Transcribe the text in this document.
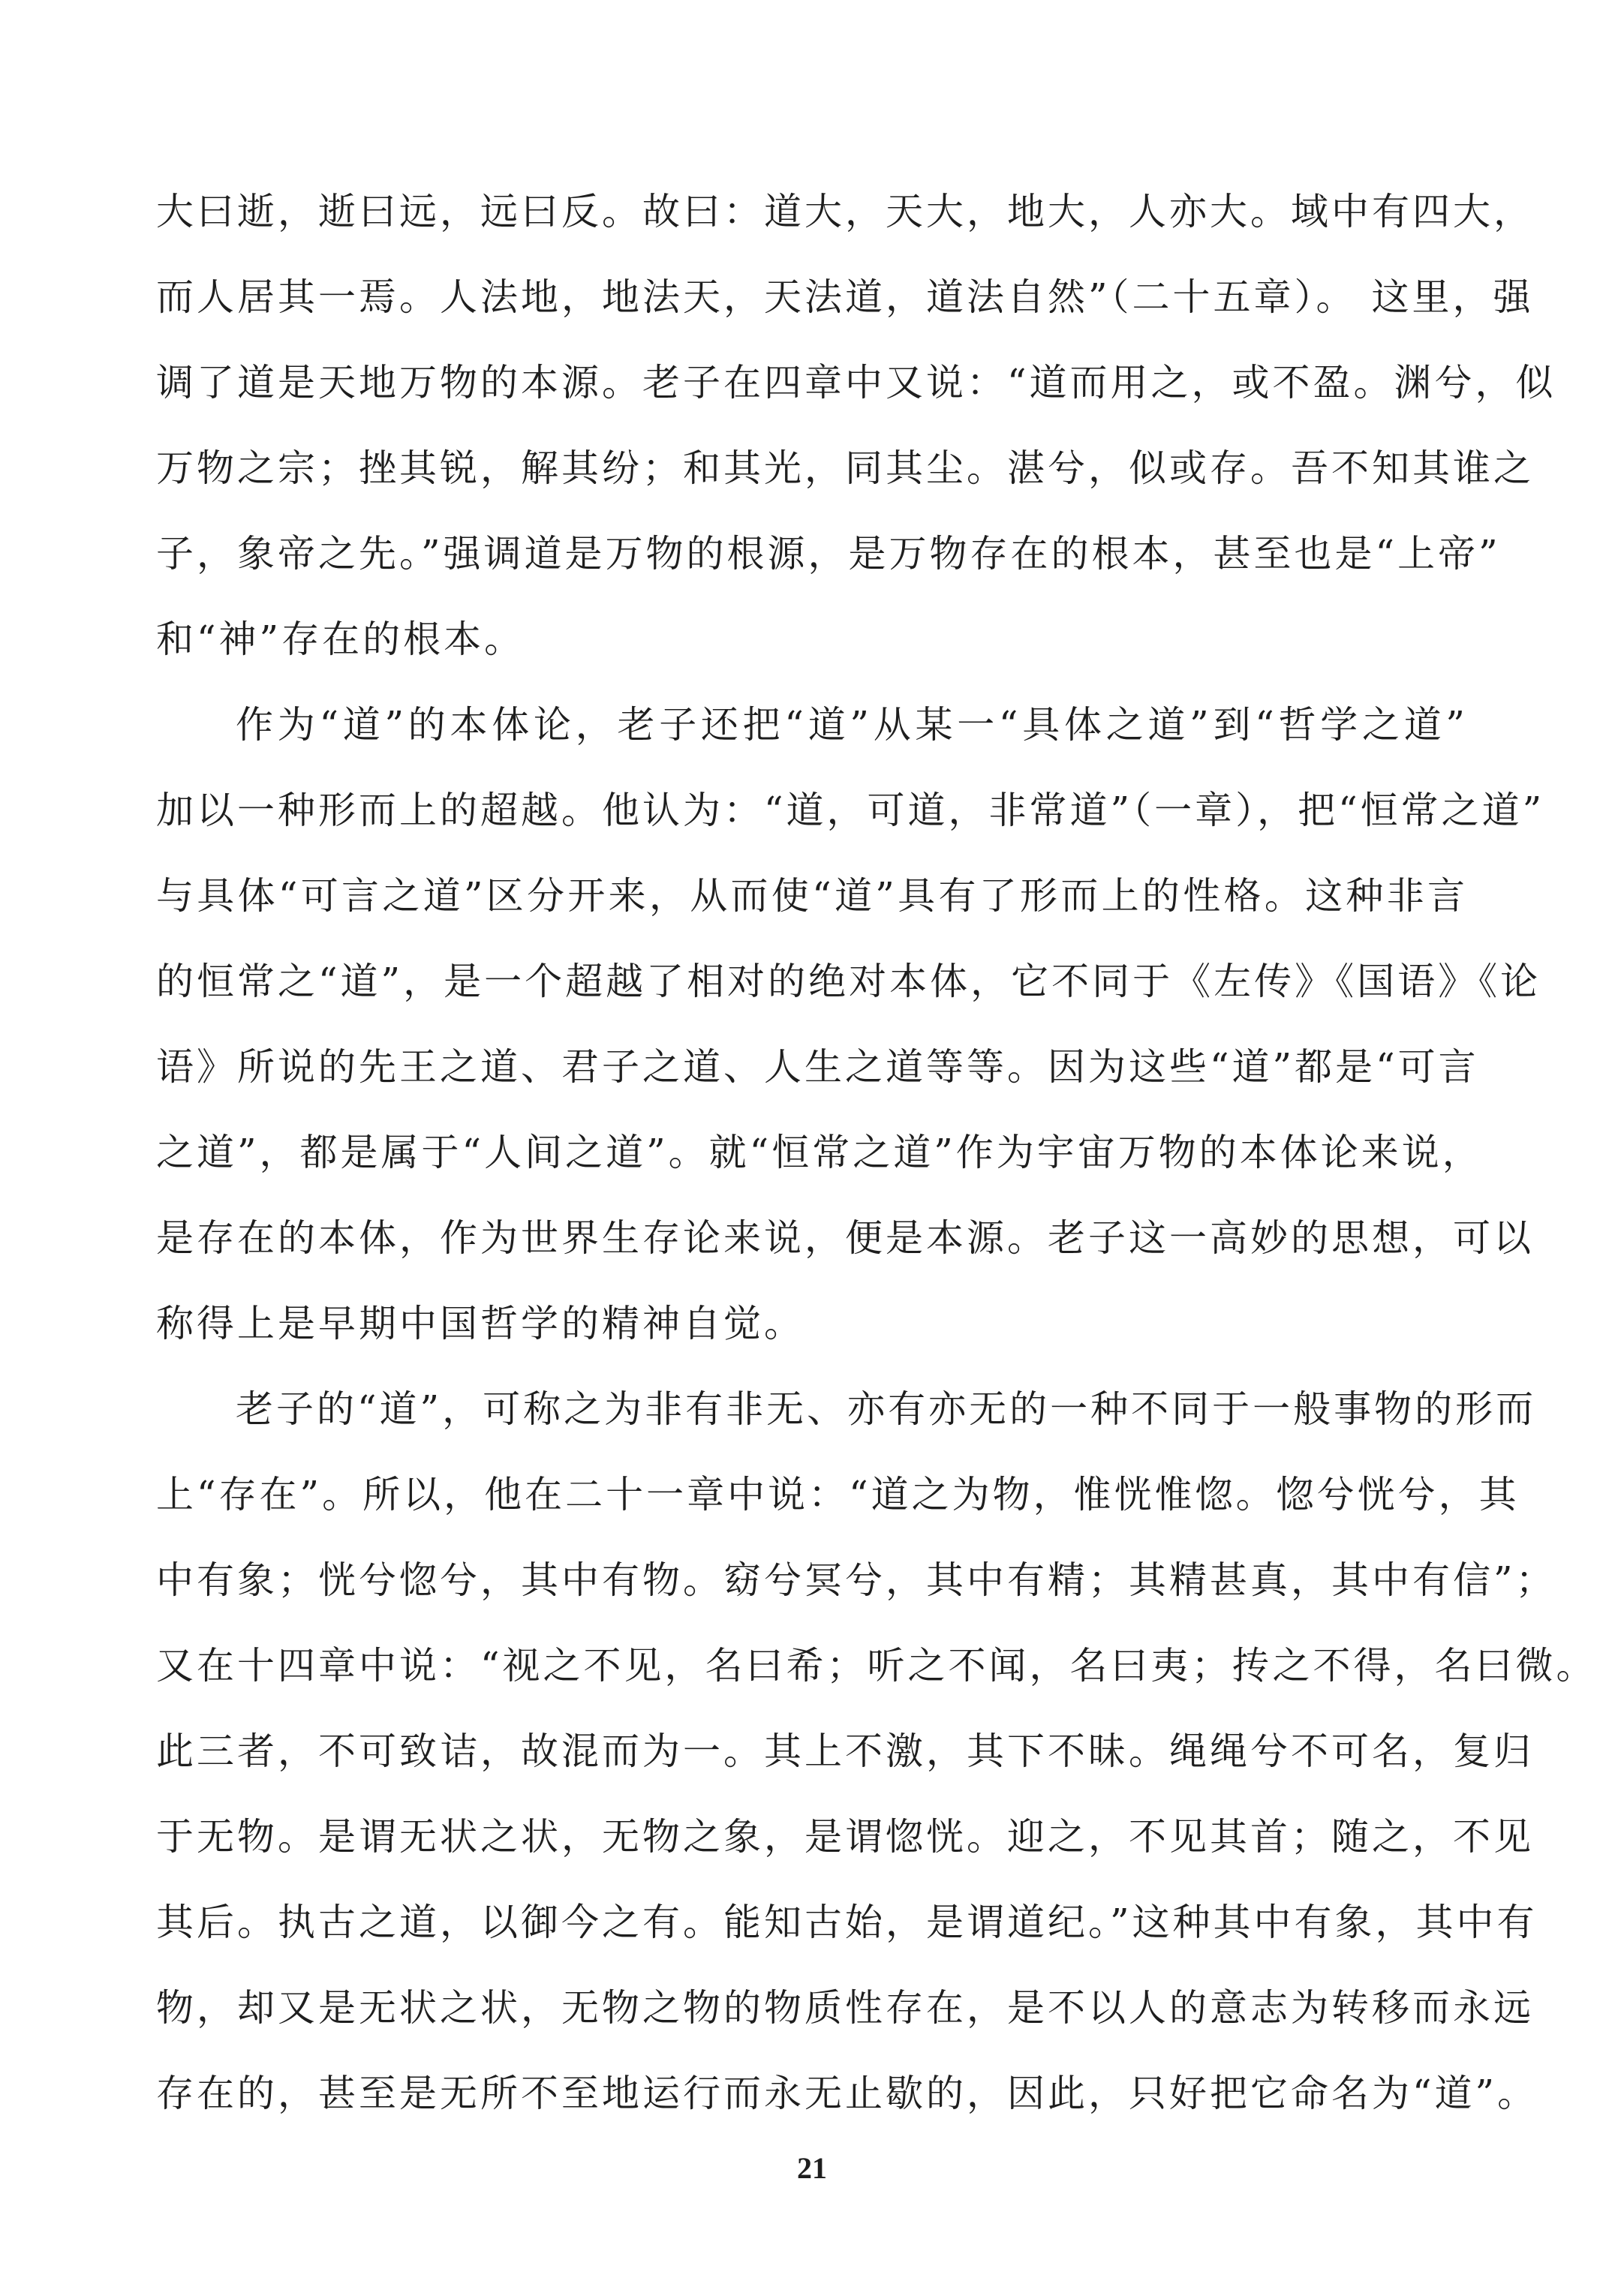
大曰逝，逝曰远，远曰反。故曰：道大，天大，地大，人亦大。域中有四大，
而人居其一焉。人法地，地法天，天法道，道法自然”（二十五章）。 这里，强
调了道是天地万物的本源。老子在四章中又说：“道而用之，或不盈。渊兮，似
万物之宗；挫其锐，解其纷；和其光，同其尘。湛兮，似或存。吾不知其谁之
子，象帝之先。”强调道是万物的根源，是万物存在的根本，甚至也是“上帝”
和“神”存在的根本。
作为“道”的本体论，老子还把“道”从某一“具体之道”到“哲学之道”
加以一种形而上的超越。他认为：“道，可道，非常道”（一章），把“恒常之道”
与具体“可言之道”区分开来，从而使“道”具有了形而上的性格。这种非言
的恒常之“道”，是一个超越了相对的绝对本体，它不同于《左传》《国语》《论
语》所说的先王之道、君子之道、人生之道等等。因为这些“道”都是“可言
之道”，都是属于“人间之道”。就“恒常之道”作为宇宙万物的本体论来说，
是存在的本体，作为世界生存论来说，便是本源。老子这一高妙的思想，可以
称得上是早期中国哲学的精神自觉。
老子的“道”，可称之为非有非无、亦有亦无的一种不同于一般事物的形而
上“存在”。所以，他在二十一章中说：“道之为物，惟恍惟惚。惚兮恍兮，其
中有象；恍兮惚兮，其中有物。窈兮冥兮，其中有精；其精甚真，其中有信”；
又在十四章中说：“视之不见，名曰希；听之不闻，名曰夷；抟之不得，名曰微。
此三者，不可致诘，故混而为一。其上不激，其下不昧。绳绳兮不可名，复归
于无物。是谓无状之状，无物之象，是谓惚恍。迎之，不见其首；随之，不见
其后。执古之道，以御今之有。能知古始，是谓道纪。”这种其中有象，其中有
物，却又是无状之状，无物之物的物质性存在，是不以人的意志为转移而永远
存在的，甚至是无所不至地运行而永无止歇的，因此，只好把它命名为“道”。
21
